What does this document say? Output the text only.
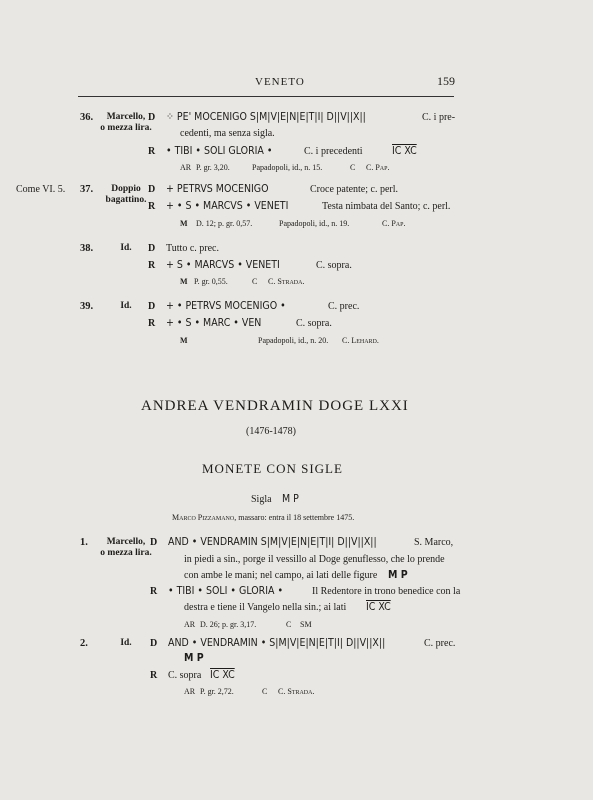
VENETO	159
Come VI. 5.
36.	Marcello,
o mezza lira.
D ⁘ PE' MOCENIGO S|M|V|E|N|E|T|I| D||V||X||	C. i pre-
cedenti, ma senza sigla.
R • TIBI • SOLI GLORIA •	C. i precedenti	IC XC
AR P. gr. 3,20.	Papadopoli, id., n. 15.	C C. Pap.
37.	Doppio
bagattino.
D + PETRVS MOCENIGO	Croce patente; c. perl.
R + • S • MARCVS • VENETI	Testa nimbata del Santo; c. perl.
M D. 12; p. gr. 0,57.	Papadopoli, id., n. 19.	C. Pap.
38.	Id.	D Tutto c. prec.
R + S • MARCVS • VENETI	C. sopra.
M P. gr. 0,55.	C C. Strada.
39.	Id.	D + • PETRVS MOCENIGO •	C. prec.
R + • S • MARC • VEN	C. sopra.
M	Papadopoli, id., n. 20. C. Lehard.
ANDREA VENDRAMIN DOGE LXXI
(1476-1478)
MONETE CON SIGLE
Sigla M P
Marco Pizzamano, massaro: entra il 18 settembre 1475.
1.	Marcello,
o mezza lira.
D AND • VENDRAMIN S|M|V|E|N|E|T|I| D||V||X||	S. Marco,
in piedi a sin., porge il vessillo al Doge genuflesso, che lo prende
con ambe le mani; nel campo, ai lati delle figure M P
R • TIBI • SOLI • GLORIA •	Il Redentore in trono benedice con la
destra e tiene il Vangelo nella sin.; ai lati IC XC
AR D. 26; p. gr. 3,17.	C SM
2.	Id.	D AND • VENDRAMIN • S|M|V|E|N|E|T|I| D||V||X||	C. prec.
M P
R C. sopra IC XC
AR P. gr. 2,72.	C C. Strada.
